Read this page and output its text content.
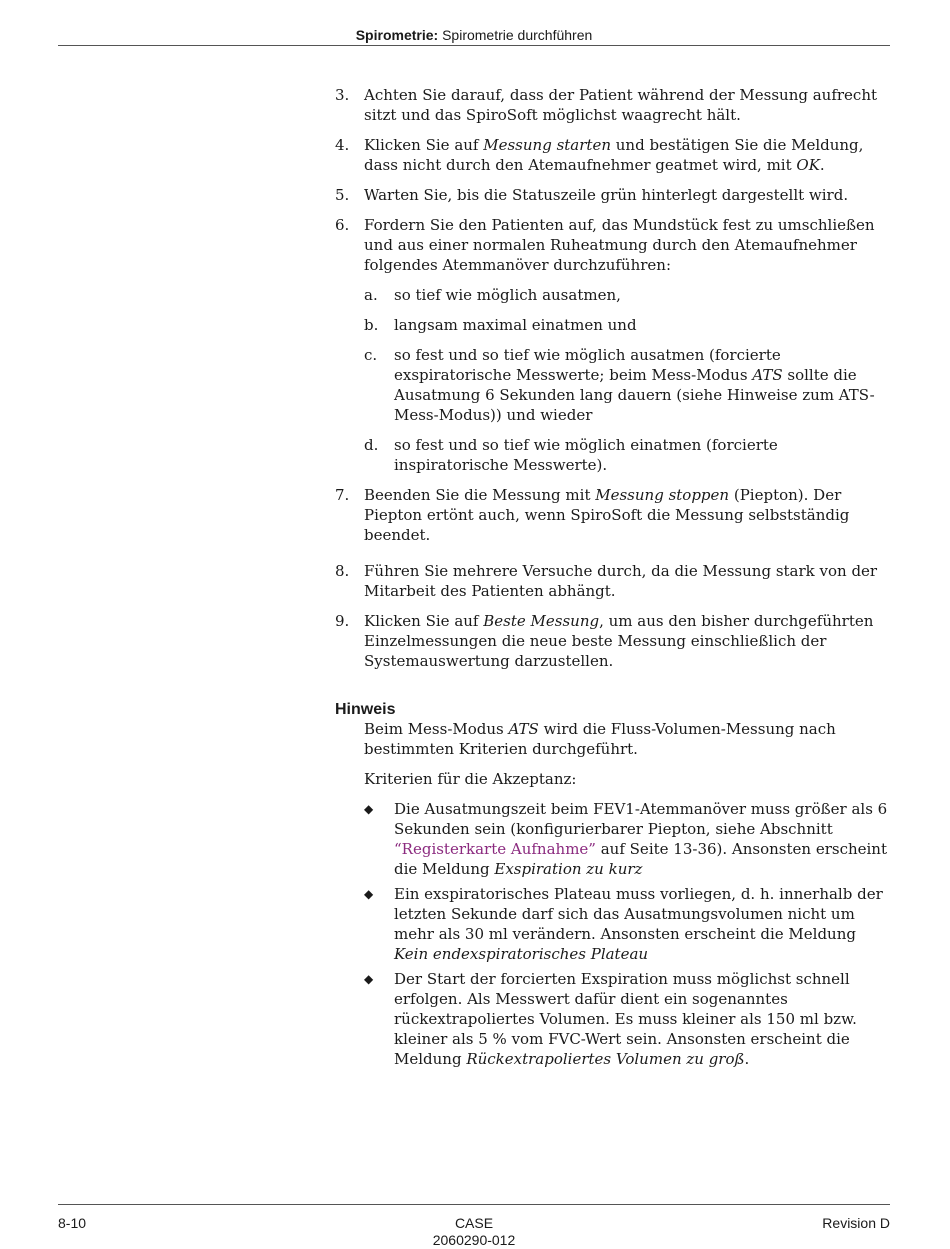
Spirometrie: Spirometrie durchführen
3. Achten Sie darauf, dass der Patient während der Messung aufrecht sitzt und das SpiroSoft möglichst waagrecht hält.
4. Klicken Sie auf Messung starten und bestätigen Sie die Meldung, dass nicht durch den Atemaufnehmer geatmet wird, mit OK.
5. Warten Sie, bis die Statuszeile grün hinterlegt dargestellt wird.
6. Fordern Sie den Patienten auf, das Mundstück fest zu umschließen und aus einer normalen Ruheatmung durch den Atemaufnehmer folgendes Atemmanöver durchzuführen:
a.	so tief wie möglich ausatmen,
b.	langsam maximal einatmen und
c.	so fest und so tief wie möglich ausatmen (forcierte exspiratorische Messwerte; beim Mess-Modus ATS sollte die Ausatmung 6 Sekunden lang dauern (siehe Hinweise zum ATS-Mess-Modus)) und wieder
d.	so fest und so tief wie möglich einatmen (forcierte inspiratorische Messwerte).
7. Beenden Sie die Messung mit Messung stoppen (Piepton). Der Piepton ertönt auch, wenn SpiroSoft die Messung selbstständig beendet.
8. Führen Sie mehrere Versuche durch, da die Messung stark von der Mitarbeit des Patienten abhängt.
9. Klicken Sie auf Beste Messung, um aus den bisher durchgeführten Einzelmessungen die neue beste Messung einschließlich der Systemauswertung darzustellen.
Hinweis

Beim Mess-Modus ATS wird die Fluss-Volumen-Messung nach bestimmten Kriterien durchgeführt.

Kriterien für die Akzeptanz:

◆	Die Ausatmungszeit beim FEV1-Atemmanöver muss größer als 6 Sekunden sein (konfigurierbarer Piepton, siehe Abschnitt “Registerkarte Aufnahme” auf Seite 13-36). Ansonsten erscheint die Meldung Exspiration zu kurz
◆	Ein exspiratorisches Plateau muss vorliegen, d. h. innerhalb der letzten Sekunde darf sich das Ausatmungsvolumen nicht um mehr als 30 ml verändern. Ansonsten erscheint die Meldung Kein endexspiratorisches Plateau
◆	Der Start der forcierten Exspiration muss möglichst schnell erfolgen. Als Messwert dafür dient ein sogenanntes rückextrapoliertes Volumen. Es muss kleiner als 150 ml bzw. kleiner als 5 % vom FVC-Wert sein. Ansonsten erscheint die Meldung Rückextrapoliertes Volumen zu groß.
8-10	CASE
2060290-012
Revision D
